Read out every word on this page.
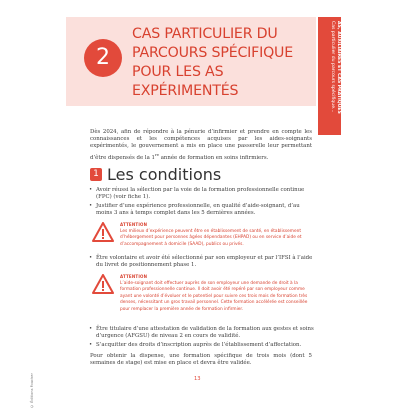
2
CAS PARTICULIER DU PARCOURS SPÉCIFIQUE POUR LES AS EXPÉRIMENTÉS	AS, AUXILIAIRES ET CAS PRATIQUES
Cas particulier du parcours spécifique...
Dès 2024, afin de répondre à la pénurie d’infirmier et prendre en compte les connaissances et les compétences acquises par les aides-soignants expérimentés, le gouvernement a mis en place une passerelle leur permettant d’être dispensés de la 1re année de formation en soins infirmiers.
1 Les conditions
• Avoir réussi la sélection par la voie de la formation professionnelle continue (FPC) (voir fiche 1).
• Justifier d’une expérience professionnelle, en qualité d’aide-soignant, d’au moins 3 ans à temps complet dans les 5 dernières années.
ATTENTION
Les milieux d’expérience peuvent être en établissement de santé, en établissement d’hébergement pour personnes âgées dépendantes (EHPAD) ou en service d’aide et d’accompagnement à domicile (SAAD), publics ou privés.
• Être volontaire et avoir été sélectionné par son employeur et par l’IFSI à l’aide du livret de positionnement phase 1.
ATTENTION
L’aide-soignant doit effectuer auprès de son employeur une demande de droit à la formation professionnelle continue. Il doit avoir été repéré par son employeur comme ayant une volonté d’évoluer et le potentiel pour suivre ces trois mois de formation très denses, nécessitant un gros travail personnel. Cette formation accélérée est conseillée pour remplacer la première année de formation infirmier.
• Être titulaire d’une attestation de validation de la formation aux gestes et soins d’urgence (AFGSU) de niveau 2 en cours de validité.
• S’acquitter des droits d’inscription auprès de l’établissement d’affectation.
Pour obtenir la dispense, une formation spécifique de trois mois (dont 5 semaines de stage) est mise en place et devra être validée.
13
© Éditions Foucher
